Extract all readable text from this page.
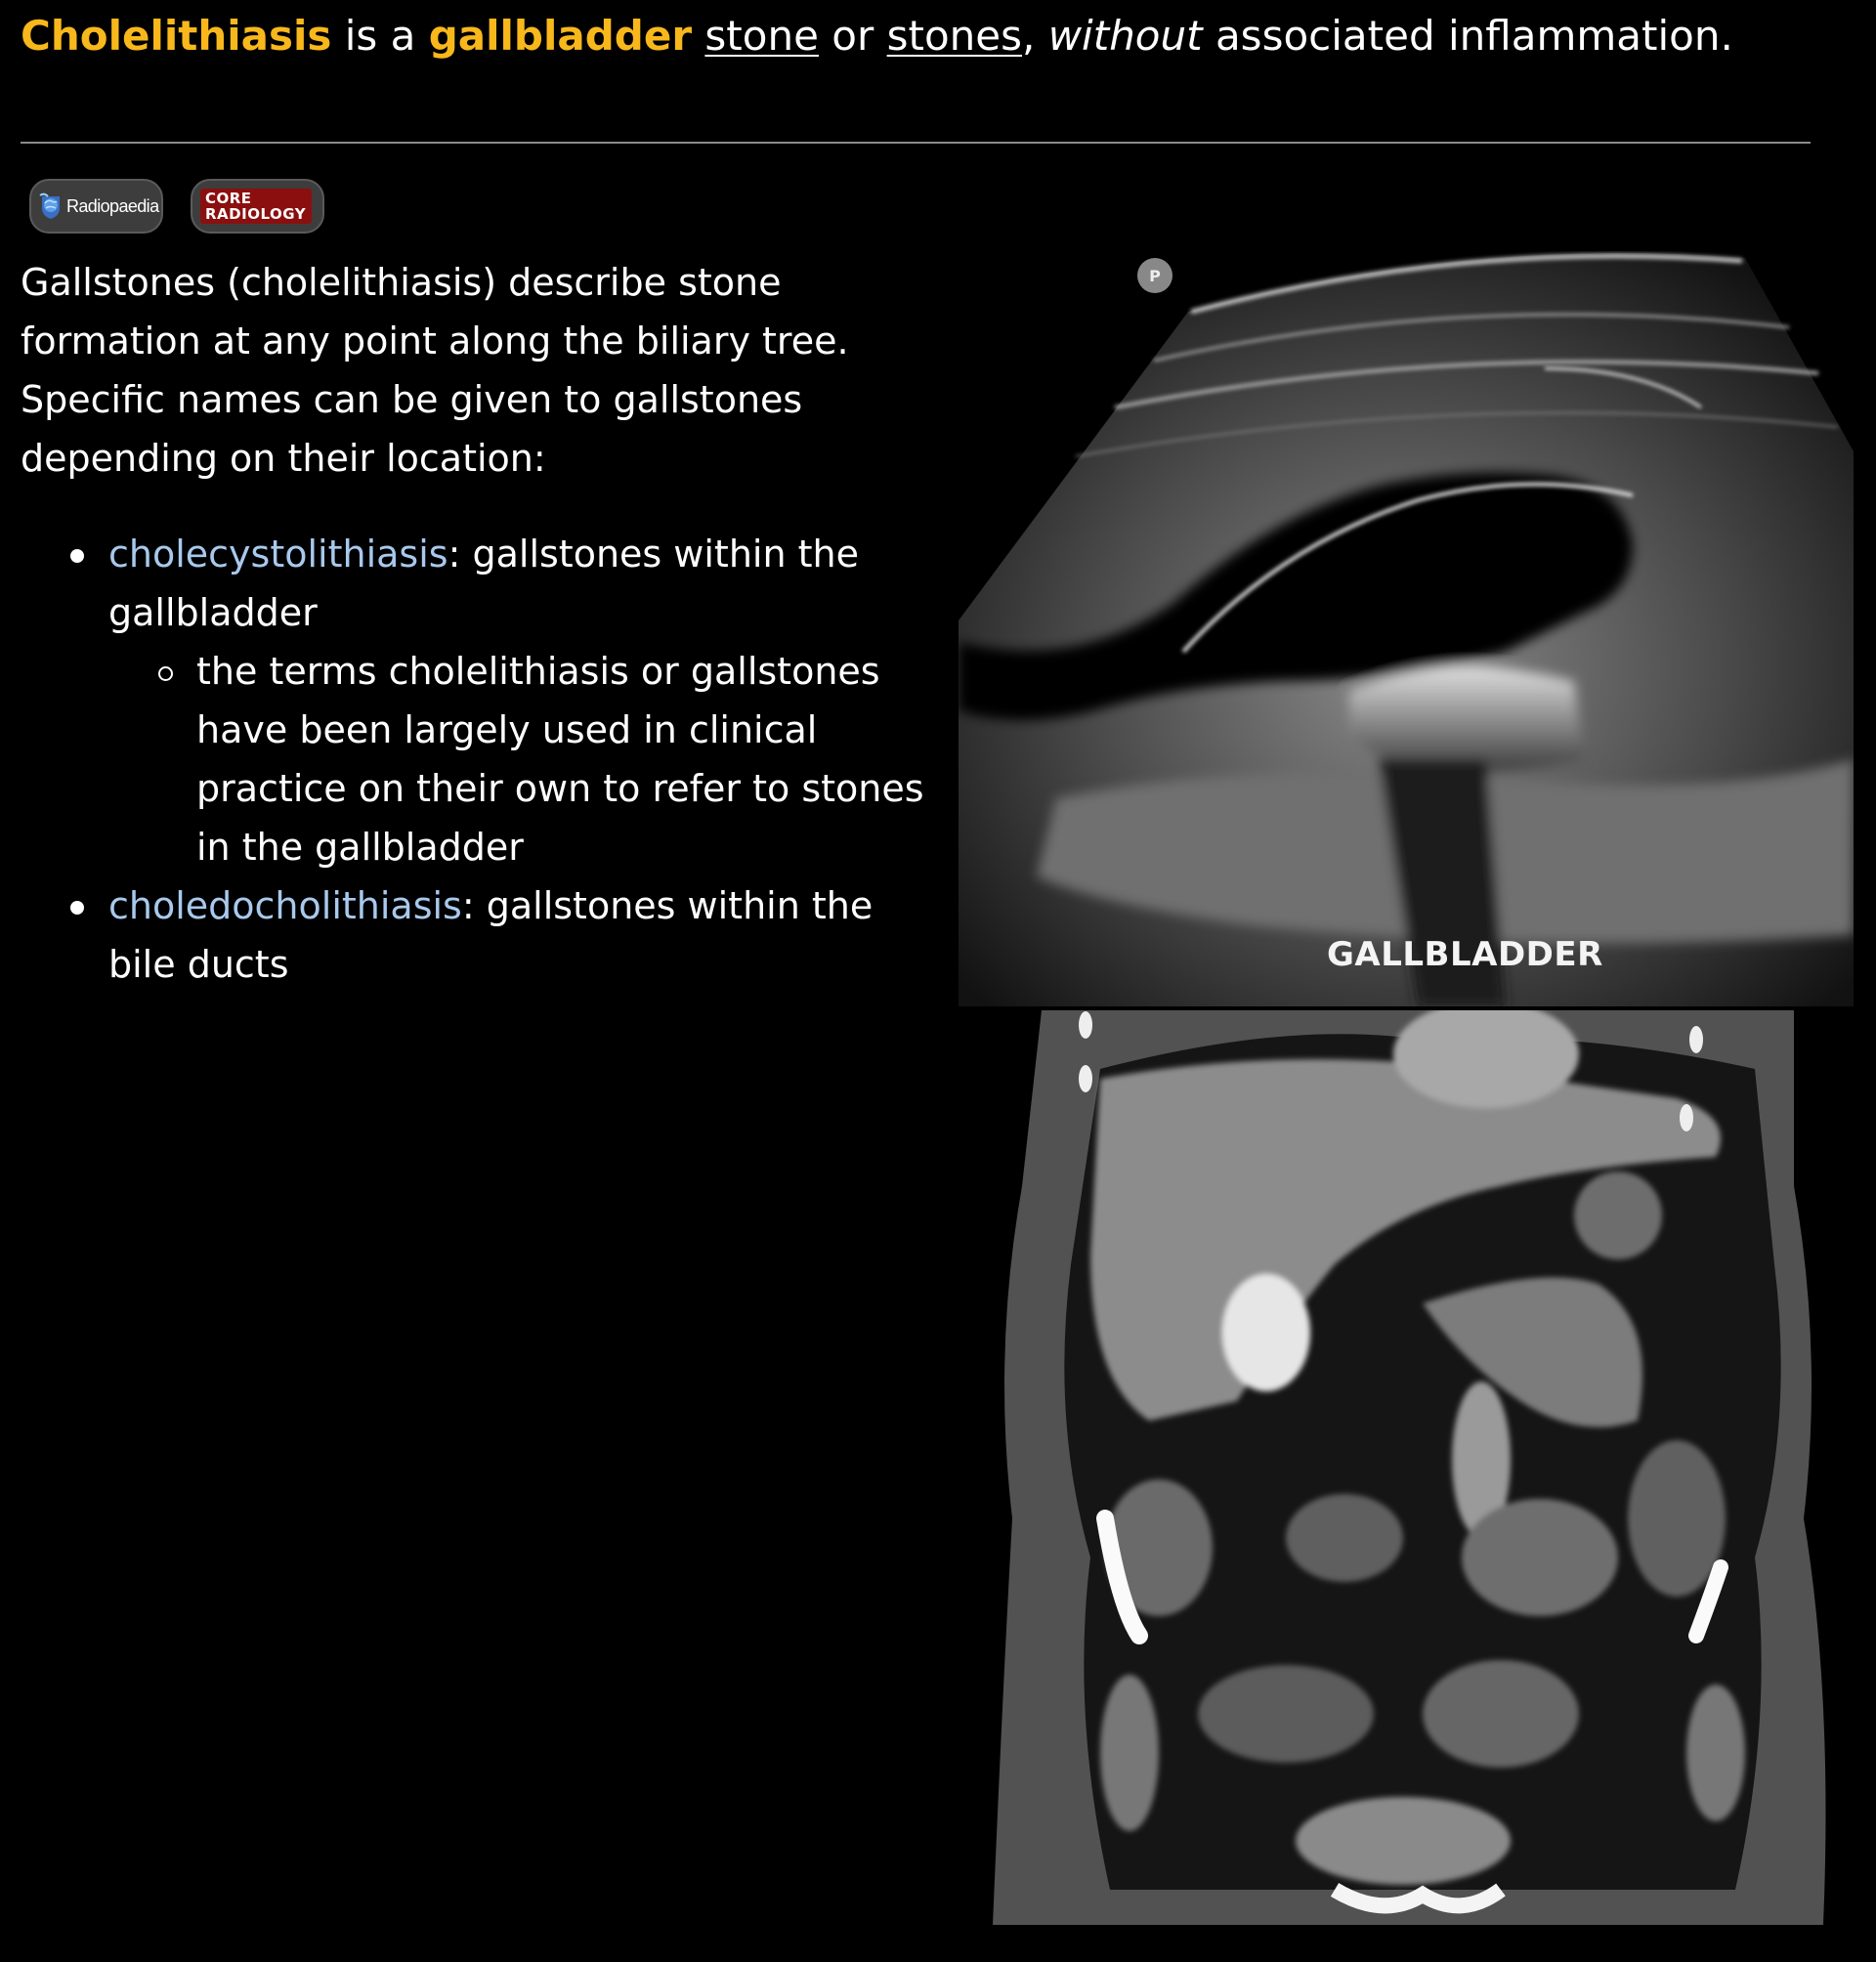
Cholelithiasis is a gallbladder stone or stones, without associated inflammation.

Radiopaedia	CORE
RADIOLOGY

Gallstones (cholelithiasis) describe stone formation at any point along the biliary tree. Specific names can be given to gallstones depending on their location:

cholecystolithiasis: gallstones within the gallbladder
the terms cholelithiasis or gallstones have been largely used in clinical practice on their own to refer to stones in the gallbladder
choledocholithiasis: gallstones within the bile ducts
P
GALLBLADDER
